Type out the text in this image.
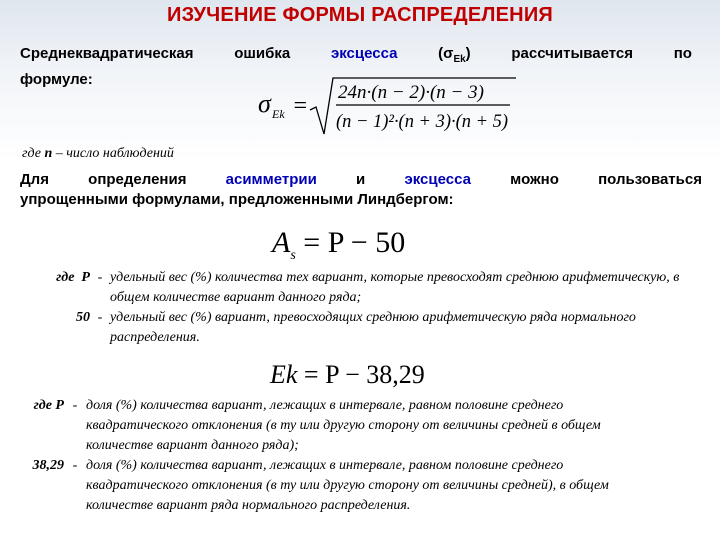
ИЗУЧЕНИЕ ФОРМЫ РАСПРЕДЕЛЕНИЯ
Среднеквадратическая	ошибка	эксцесса	$(\sigma_{Ek})$	рассчитывается	по
формуле:
σ Ek =
24n·(n − 2)·(n − 3)
(n − 1)²·(n + 3)·(n + 5)
где n – число наблюдений
Для	определения	асимметрии	и	эксцесса	можно	пользоваться
упрощенными формулами, предложенными Линдбергом:
$A_s = P - 50$
где  P - удельный вес (%) количества тех вариант, которые превосходят среднюю арифметическую, в общем количестве вариант данного ряда;
50 - удельный вес (%) вариант, превосходящих среднюю арифметическую ряда нормального распределения.
Ek = P − 38,29
где P - доля (%) количества вариант, лежащих в интервале, равном половине среднего квадратического отклонения (в ту или другую сторону от величины средней в общем количестве вариант данного ряда);
38,29 - доля (%) количества вариант, лежащих в интервале, равном половине среднего квадратического отклонения (в ту или другую сторону от величины средней), в общем количестве вариант ряда нормального распределения.
